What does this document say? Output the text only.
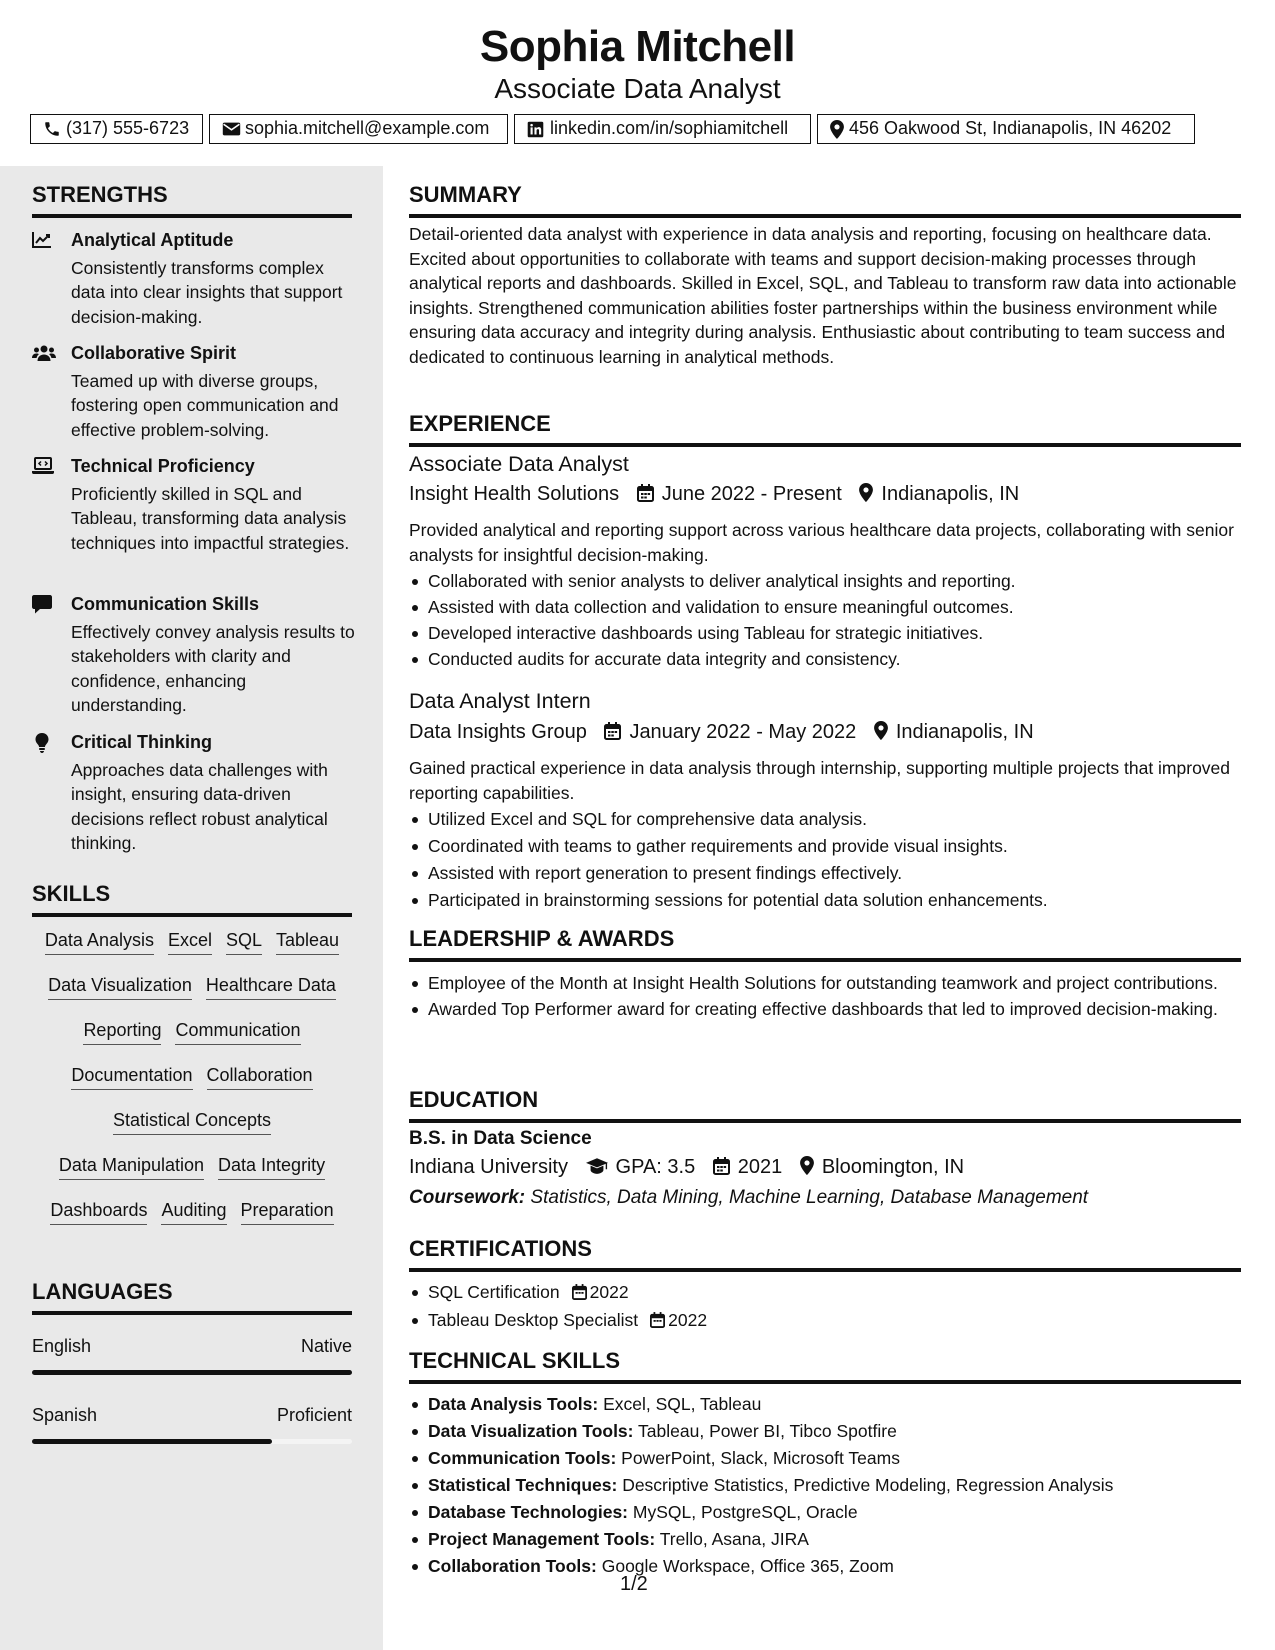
Sophia Mitchell
Associate Data Analyst
(317) 555-6723	sophia.mitchell@example.com	linkedin.com/in/sophiamitchell	456 Oakwood St, Indianapolis, IN 46202
STRENGTHS
Analytical Aptitude
Consistently transforms complex data into clear insights that support decision-making.
Collaborative Spirit
Teamed up with diverse groups, fostering open communication and effective problem-solving.
Technical Proficiency
Proficiently skilled in SQL and Tableau, transforming data analysis techniques into impactful strategies.
Communication Skills
Effectively convey analysis results to stakeholders with clarity and confidence, enhancing understanding.
Critical Thinking
Approaches data challenges with insight, ensuring data-driven decisions reflect robust analytical thinking.
SKILLS
Data Analysis Excel SQL Tableau
Data Visualization Healthcare Data
Reporting Communication
Documentation Collaboration
Statistical Concepts
Data Manipulation Data Integrity
Dashboards Auditing Preparation
LANGUAGES
English	Native
Spanish	Proficient
SUMMARY
Detail-oriented data analyst with experience in data analysis and reporting, focusing on healthcare data. Excited about opportunities to collaborate with teams and support decision-making processes through analytical reports and dashboards. Skilled in Excel, SQL, and Tableau to transform raw data into actionable insights. Strengthened communication abilities foster partnerships within the business environment while ensuring data accuracy and integrity during analysis. Enthusiastic about contributing to team success and dedicated to continuous learning in analytical methods.
EXPERIENCE
Associate Data Analyst
Insight Health Solutions June 2022 - Present Indianapolis, IN
Provided analytical and reporting support across various healthcare data projects, collaborating with senior analysts for insightful decision-making.
Collaborated with senior analysts to deliver analytical insights and reporting.
Assisted with data collection and validation to ensure meaningful outcomes.
Developed interactive dashboards using Tableau for strategic initiatives.
Conducted audits for accurate data integrity and consistency.
Data Analyst Intern
Data Insights Group January 2022 - May 2022 Indianapolis, IN
Gained practical experience in data analysis through internship, supporting multiple projects that improved reporting capabilities.
Utilized Excel and SQL for comprehensive data analysis.
Coordinated with teams to gather requirements and provide visual insights.
Assisted with report generation to present findings effectively.
Participated in brainstorming sessions for potential data solution enhancements.
LEADERSHIP & AWARDS
Employee of the Month at Insight Health Solutions for outstanding teamwork and project contributions.
Awarded Top Performer award for creating effective dashboards that led to improved decision-making.
EDUCATION
B.S. in Data Science
Indiana University GPA: 3.5 2021 Bloomington, IN
Coursework: Statistics, Data Mining, Machine Learning, Database Management
CERTIFICATIONS
SQL Certification 2022
Tableau Desktop Specialist 2022
TECHNICAL SKILLS
Data Analysis Tools: Excel, SQL, Tableau
Data Visualization Tools: Tableau, Power BI, Tibco Spotfire
Communication Tools: PowerPoint, Slack, Microsoft Teams
Statistical Techniques: Descriptive Statistics, Predictive Modeling, Regression Analysis
Database Technologies: MySQL, PostgreSQL, Oracle
Project Management Tools: Trello, Asana, JIRA
Collaboration Tools: Google Workspace, Office 365, Zoom
1/2
